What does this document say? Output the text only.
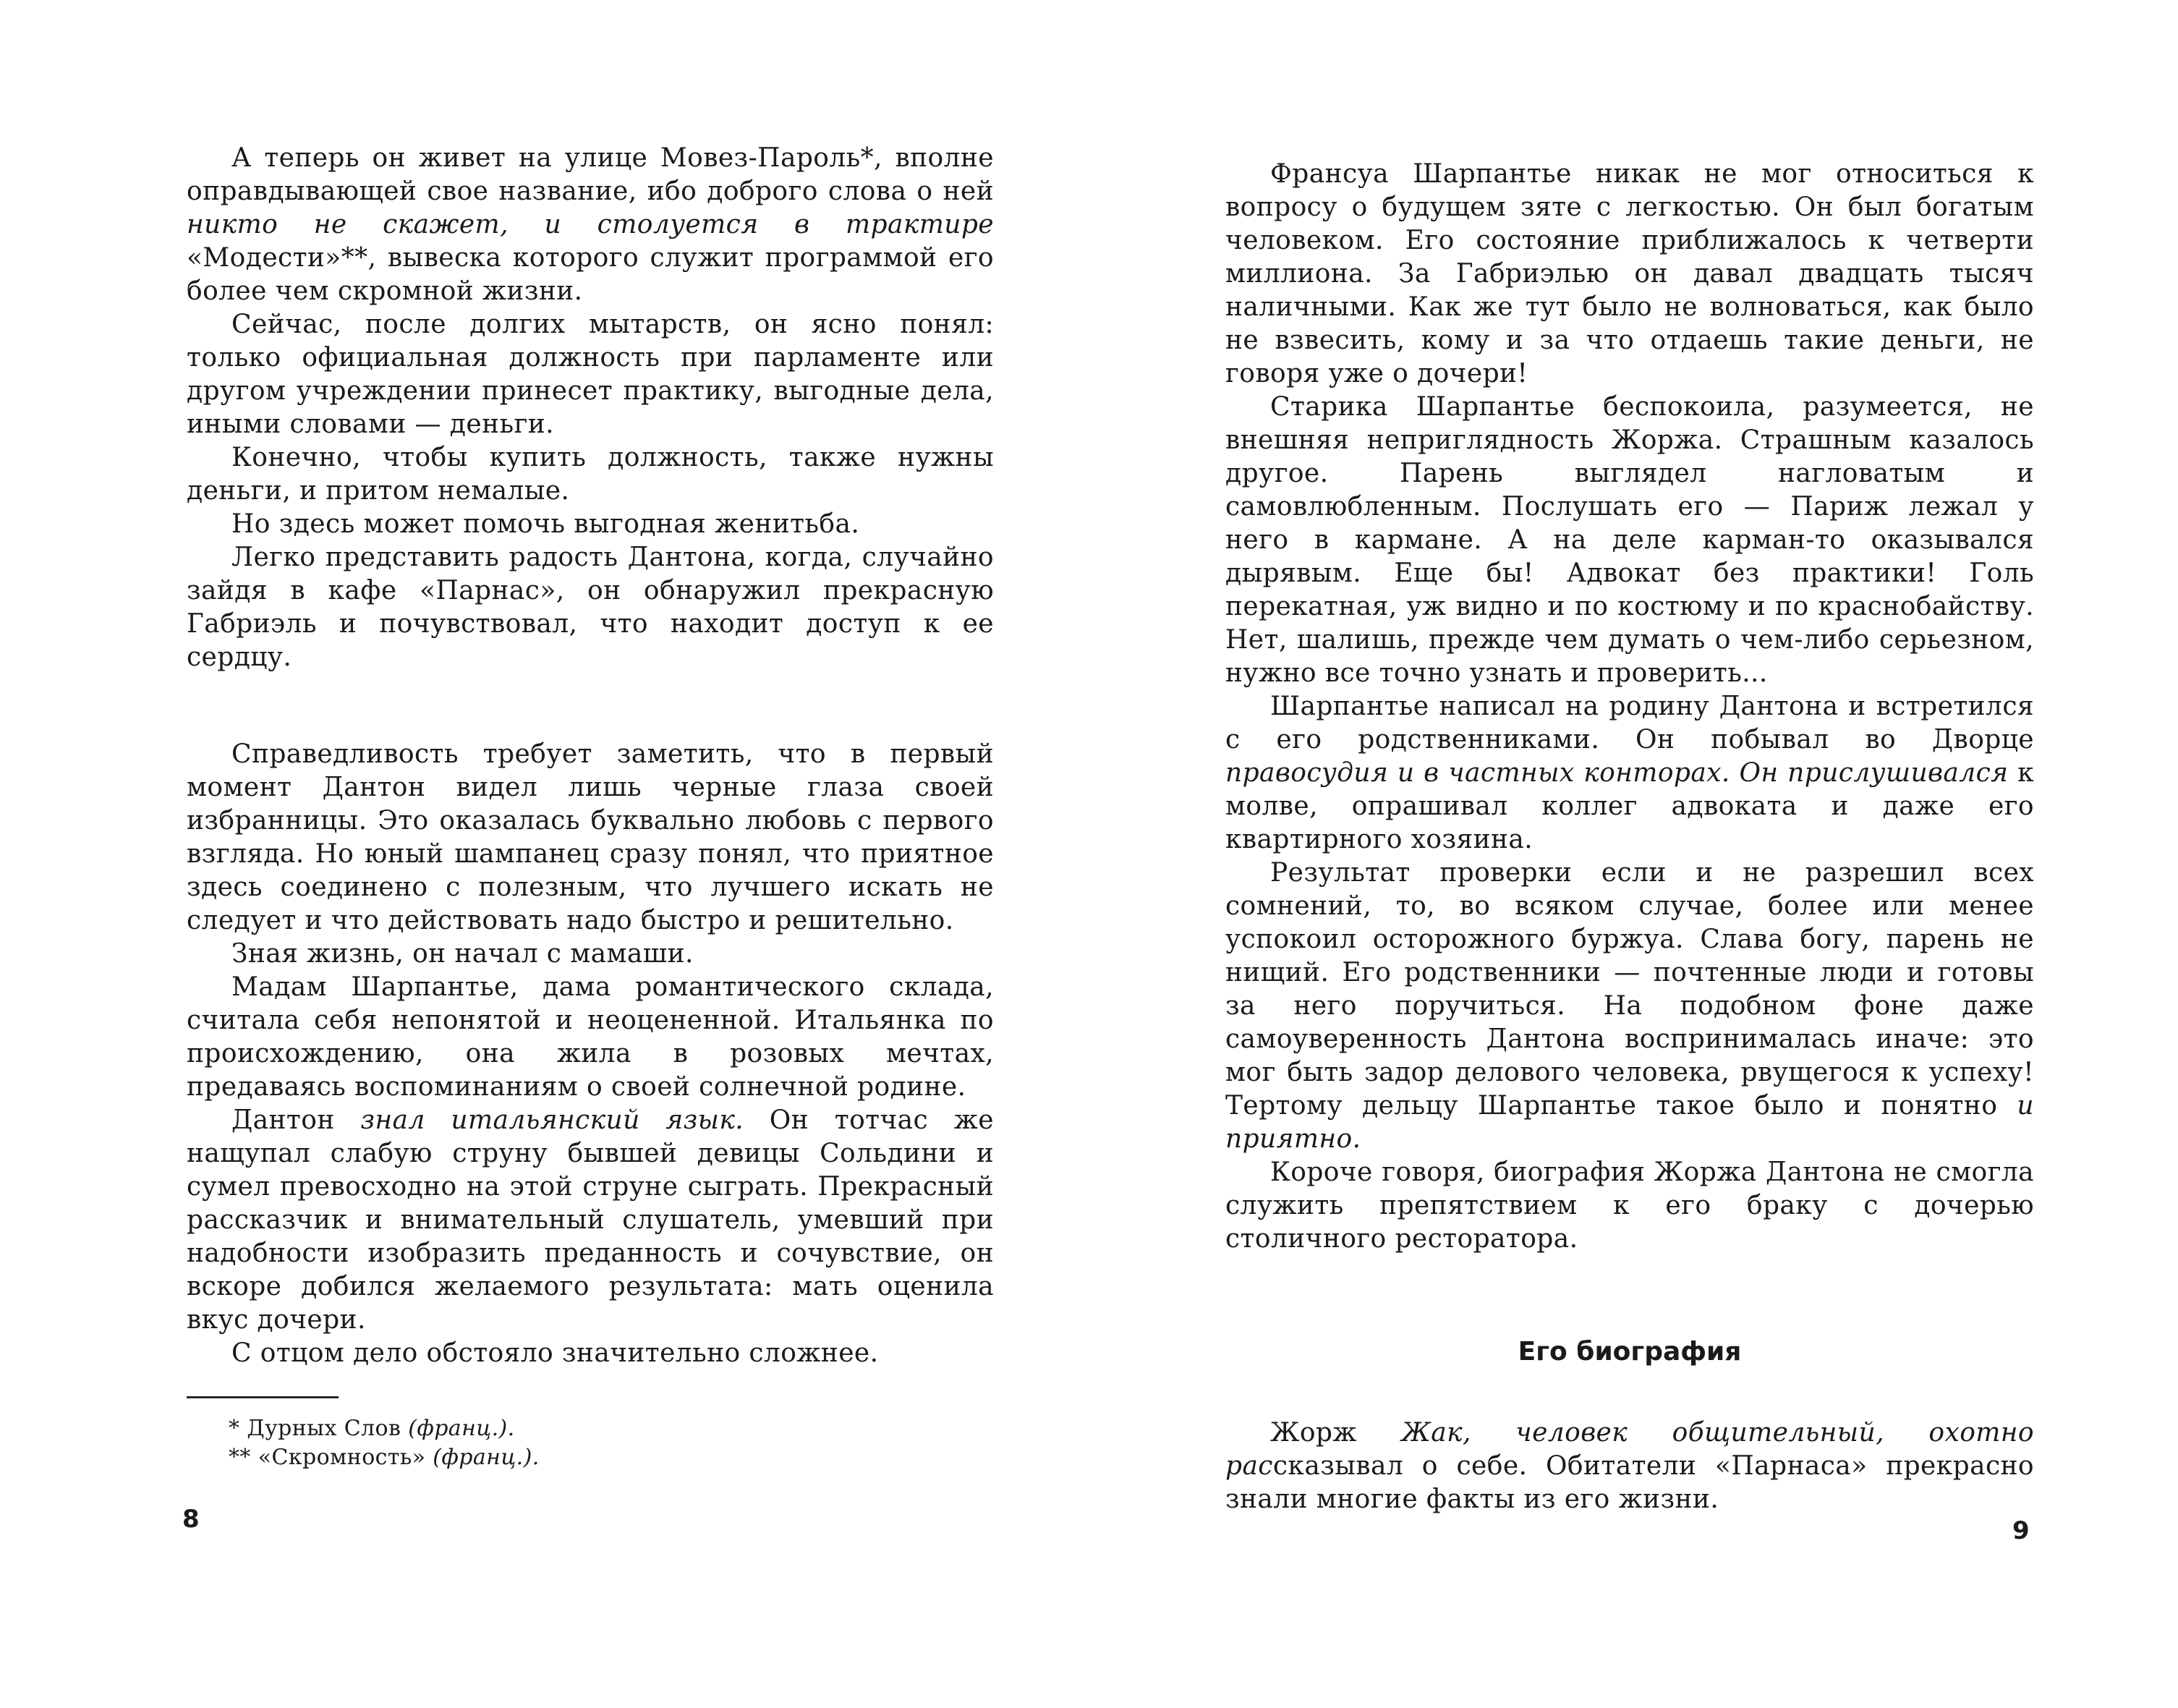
А теперь он живет на улице Мовез-Пароль*, вполне оправдывающей свое название, ибо доброго слова о ней никто не скажет, и столуется в трактире «Модести»**, вывеска которого служит программой его более чем скромной жизни.

Сейчас, после долгих мытарств, он ясно понял: только официальная должность при парламенте или другом учреждении принесет практику, выгодные дела, иными словами — деньги.

Конечно, чтобы купить должность, также нужны деньги, и притом немалые.

Но здесь может помочь выгодная женитьба.

Легко представить радость Дантона, когда, случайно зайдя в кафе «Парнас», он обнаружил прекрасную Габриэль и почувствовал, что находит доступ к ее сердцу.

Справедливость требует заметить, что в первый момент Дантон видел лишь черные глаза своей избранницы. Это оказалась буквально любовь с первого взгляда. Но юный шампанец сразу понял, что приятное здесь соединено с полезным, что лучшего искать не следует и что действовать надо быстро и решительно.

Зная жизнь, он начал с мамаши.

Мадам Шарпантье, дама романтического склада, считала себя непонятой и неоцененной. Итальянка по происхождению, она жила в розовых мечтах, предаваясь воспоминаниям о своей солнечной родине.

Дантон знал итальянский язык. Он тотчас же нащупал слабую струну бывшей девицы Сольдини и сумел превосходно на этой струне сыграть. Прекрасный рассказчик и внимательный слушатель, умевший при надобности изобразить преданность и сочувствие, он вскоре добился желаемого результата: мать оценила вкус дочери.

С отцом дело обстояло значительно сложнее.

* Дурных Слов (франц.).
** «Скромность» (франц.).
8

Франсуа Шарпантье никак не мог относиться к вопросу о будущем зяте с легкостью. Он был богатым человеком. Его состояние приближалось к четверти миллиона. За Габриэлью он давал двадцать тысяч наличными. Как же тут было не волноваться, как было не взвесить, кому и за что отдаешь такие деньги, не говоря уже о дочери!

Старика Шарпантье беспокоила, разумеется, не внешняя неприглядность Жоржа. Страшным казалось другое. Парень выглядел нагловатым и самовлюбленным. Послушать его — Париж лежал у него в кармане. А на деле карман-то оказывался дырявым. Еще бы! Адвокат без практики! Голь перекатная, уж видно и по костюму и по краснобайству. Нет, шалишь, прежде чем думать о чем-либо серьезном, нужно все точно узнать и проверить...

Шарпантье написал на родину Дантона и встретился с его родственниками. Он побывал во Дворце правосудия и в частных конторах. Он прислушивался к молве, опрашивал коллег адвоката и даже его квартирного хозяина.

Результат проверки если и не разрешил всех сомнений, то, во всяком случае, более или менее успокоил осторожного буржуа. Слава богу, парень не нищий. Его родственники — почтенные люди и готовы за него поручиться. На подобном фоне даже самоуверенность Дантона воспринималась иначе: это мог быть задор делового человека, рвущегося к успеху! Тертому дельцу Шарпантье такое было и понятно и приятно.

Короче говоря, биография Жоржа Дантона не смогла служить препятствием к его браку с дочерью столичного ресторатора.

Его биография

Жорж Жак, человек общительный, охотно рассказывал о себе. Обитатели «Парнаса» прекрасно знали многие факты из его жизни.

9
